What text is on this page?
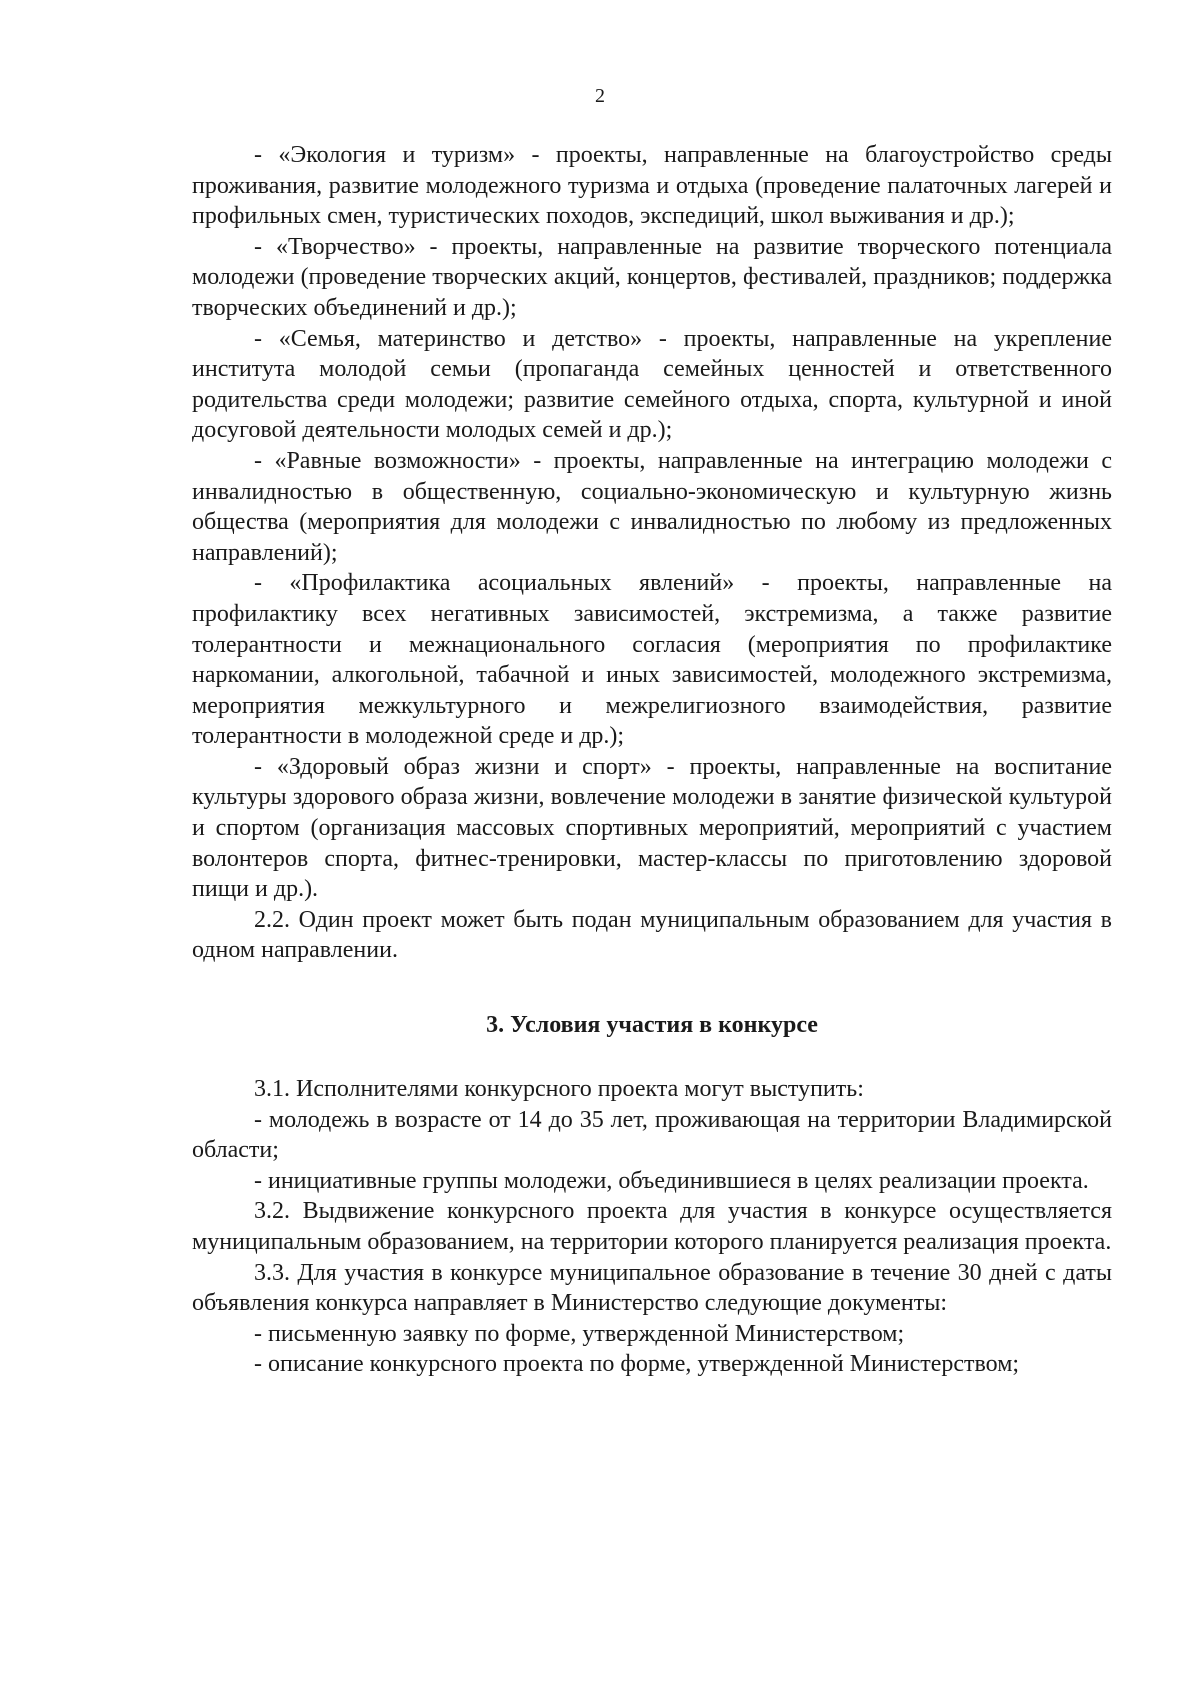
2

- «Экология и туризм» - проекты, направленные на благоустройство среды проживания, развитие молодежного туризма и отдыха (проведение палаточных лагерей и профильных смен, туристических походов, экспедиций, школ выживания и др.);

- «Творчество» - проекты, направленные на развитие творческого потенциала молодежи (проведение творческих акций, концертов, фестивалей, праздников; поддержка творческих объединений и др.);

- «Семья, материнство и детство» - проекты, направленные на укрепление института молодой семьи (пропаганда семейных ценностей и ответственного родительства среди молодежи; развитие семейного отдыха, спорта, культурной и иной досуговой деятельности молодых семей и др.);

- «Равные возможности» - проекты, направленные на интеграцию молодежи с инвалидностью в общественную, социально-экономическую и культурную жизнь общества (мероприятия для молодежи с инвалидностью по любому из предложенных направлений);

- «Профилактика асоциальных явлений» - проекты, направленные на профилактику всех негативных зависимостей, экстремизма, а также развитие толерантности и межнационального согласия (мероприятия по профилактике наркомании, алкогольной, табачной и иных зависимостей, молодежного экстремизма, мероприятия межкультурного и межрелигиозного взаимодействия, развитие толерантности в молодежной среде и др.);

- «Здоровый образ жизни и спорт» - проекты, направленные на воспитание культуры здорового образа жизни, вовлечение молодежи в занятие физической культурой и спортом (организация массовых спортивных мероприятий, мероприятий с участием волонтеров спорта, фитнес-тренировки, мастер-классы по приготовлению здоровой пищи и др.).

2.2. Один проект может быть подан муниципальным образованием для участия в одном направлении.

3. Условия участия в конкурсе

3.1. Исполнителями конкурсного проекта могут выступить:

- молодежь в возрасте от 14 до 35 лет, проживающая на территории Владимирской области;

- инициативные группы молодежи, объединившиеся в целях реализации проекта.

3.2. Выдвижение конкурсного проекта для участия в конкурсе осуществляется муниципальным образованием, на территории которого планируется реализация проекта.

3.3. Для участия в конкурсе муниципальное образование в течение 30 дней с даты объявления конкурса направляет в Министерство следующие документы:

- письменную заявку по форме, утвержденной Министерством;

- описание конкурсного проекта по форме, утвержденной Министерством;
